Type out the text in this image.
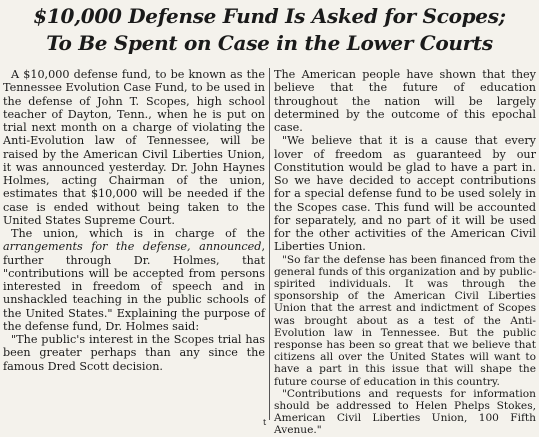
$10,000 Defense Fund Is Asked for Scopes;
To Be Spent on Case in the Lower Courts

A $10,000 defense fund, to be known as the Tennessee Evolution Case Fund, to be used in the defense of John T. Scopes, high school teacher of Dayton, Tenn., when he is put on trial next month on a charge of violating the Anti-Evolution law of Tennessee, will be raised by the American Civil Liberties Union, it was announced yesterday. Dr. John Haynes Holmes, acting Chairman of the union, estimates that $10,000 will be needed if the case is ended without being taken to the United States Supreme Court.

The union, which is in charge of the arrangements for the defense, announced, further through Dr. Holmes, that "contributions will be accepted from persons interested in freedom of speech and in unshackled teaching in the public schools of the United States." Explaining the purpose of the defense fund, Dr. Holmes said:

"The public's interest in the Scopes trial has been greater perhaps than any since the famous Dred Scott decision.

The American people have shown that they believe that the future of education throughout the nation will be largely determined by the outcome of this epochal case.

"We believe that it is a cause that every lover of freedom as guaranteed by our Constitution would be glad to have a part in. So we have decided to accept contributions for a special defense fund to be used solely in the Scopes case. This fund will be accounted for separately, and no part of it will be used for the other activities of the American Civil Liberties Union.

"So far the defense has been financed from the general funds of this organization and by public-spirited individuals. It was through the sponsorship of the American Civil Liberties Union that the arrest and indictment of Scopes was brought about as a test of the Anti-Evolution law in Tennessee. But the public response has been so great that we believe that citizens all over the United States will want to have a part in this issue that will shape the future course of education in this country.

"Contributions and requests for information should be addressed to Helen Phelps Stokes, American Civil Liberties Union, 100 Fifth Avenue."

t
